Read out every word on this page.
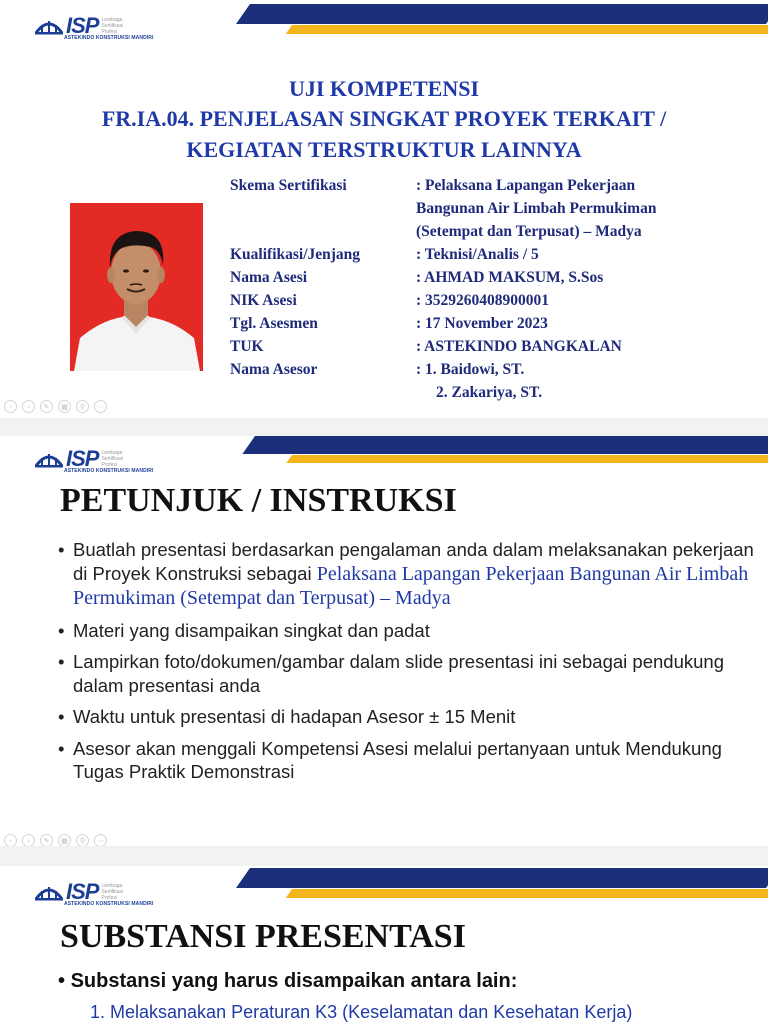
ISP Lembaga
Sertifikasi
Profesi
ASTEKINDO KONSTRUKSI MANDIRI
UJI KOMPETENSI
FR.IA.04. PENJELASAN SINGKAT PROYEK TERKAIT /
KEGIATAN TERSTRUKTUR LAINNYA
Skema Sertifikasi	: Pelaksana Lapangan Pekerjaan
Bangunan Air Limbah Permukiman
(Setempat dan Terpusat) – Madya
Kualifikasi/Jenjang	: Teknisi/Analis / 5
Nama Asesi	: AHMAD MAKSUM, S.Sos
NIK Asesi	: 3529260408900001
Tgl. Asesmen	: 17 November 2023
TUK	: ASTEKINDO BANGKALAN
Nama Asesor	: 1. Baidowi, ST.
2. Zakariya, ST.
‹	›	✎	▦	⚲	⋯
ISP Lembaga
Sertifikasi
Profesi
ASTEKINDO KONSTRUKSI MANDIRI
PETUNJUK / INSTRUKSI
• Buatlah presentasi berdasarkan pengalaman anda dalam melaksanakan pekerjaan di Proyek Konstruksi sebagai Pelaksana Lapangan Pekerjaan Bangunan Air Limbah Permukiman (Setempat dan Terpusat) – Madya
• Materi yang disampaikan singkat dan padat
• Lampirkan foto/dokumen/gambar dalam slide presentasi ini sebagai pendukung dalam presentasi anda
• Waktu untuk presentasi di hadapan Asesor ± 15 Menit
• Asesor akan menggali Kompetensi Asesi melalui pertanyaan untuk Mendukung Tugas Praktik Demonstrasi
‹	›	✎	▦	⚲	⋯
ISP Lembaga
Sertifikasi
Profesi
ASTEKINDO KONSTRUKSI MANDIRI
SUBSTANSI PRESENTASI
• Substansi yang harus disampaikan antara lain:
1. Melaksanakan Peraturan K3 (Keselamatan dan Kesehatan Kerja)
